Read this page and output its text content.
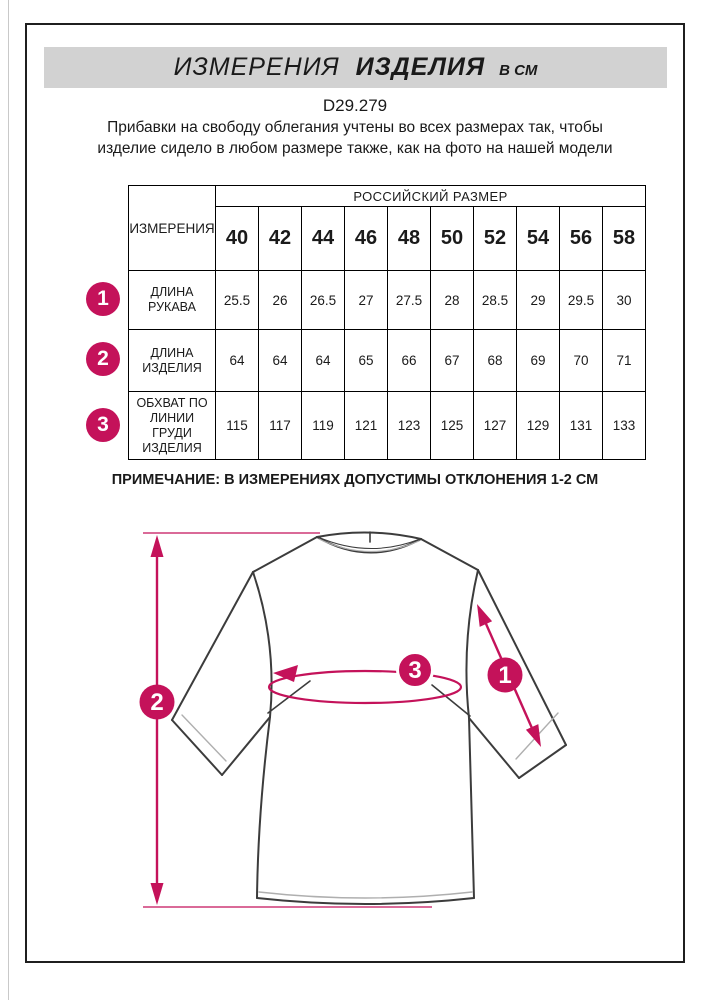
ИЗМЕРЕНИЯ ИЗДЕЛИЯ В СМ
D29.279
Прибавки на свободу облегания учтены во всех размерах так, чтобы изделие сидело в любом размере также, как на фото на нашей модели
1
2
3
ИЗМЕРЕНИЯ	РОССИЙСКИЙ РАЗМЕР									
	40	42	44	46	48	50	52	54	56	58
ДЛИНА РУКАВА	25.5	26	26.5	27	27.5	28	28.5	29	29.5	30
ДЛИНА ИЗДЕЛИЯ	64	64	64	65	66	67	68	69	70	71
ОБХВАТ ПО ЛИНИИ ГРУДИ ИЗДЕЛИЯ	115	117	119	121	123	125	127	129	131	133
ПРИМЕЧАНИЕ: В ИЗМЕРЕНИЯХ ДОПУСТИМЫ ОТКЛОНЕНИЯ 1-2 СМ
2
3	1
